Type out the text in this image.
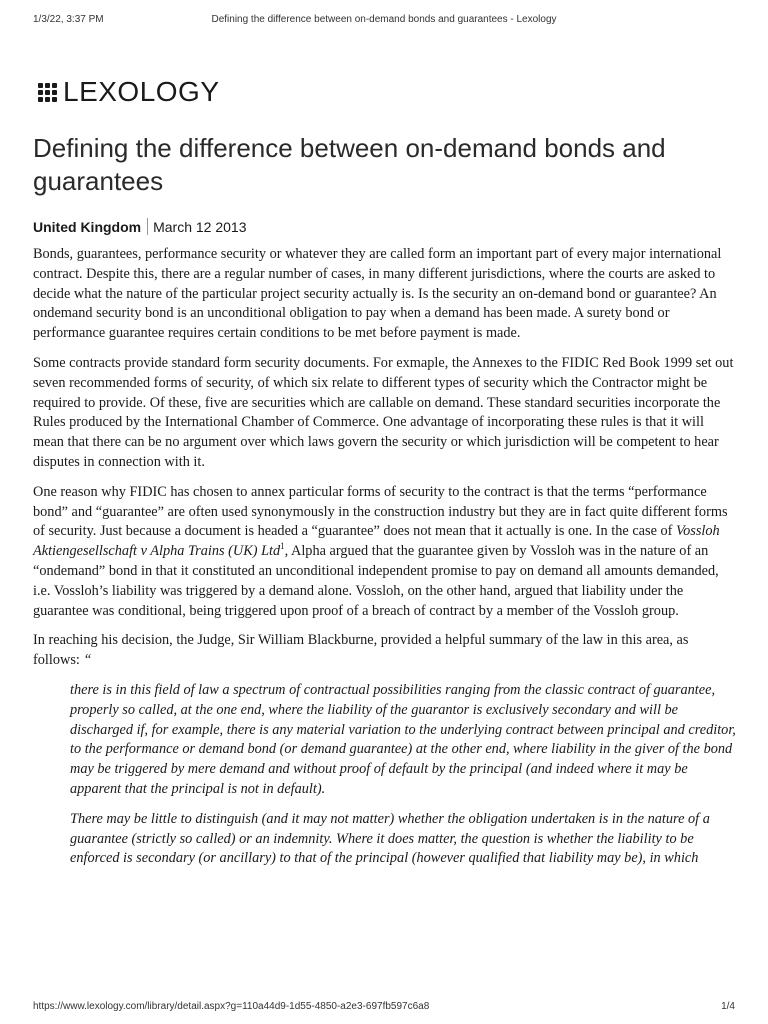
1/3/22, 3:37 PM	Defining the difference between on-demand bonds and guarantees - Lexology
LEXOLOGY
Defining the difference between on-demand bonds and guarantees
United Kingdom March 12 2013

Bonds, guarantees, performance security or whatever they are called form an important part of every major international contract. Despite this, there are a regular number of cases, in many different jurisdictions, where the courts are asked to decide what the nature of the particular project security actually is. Is the security an on-demand bond or guarantee? An ondemand security bond is an unconditional obligation to pay when a demand has been made. A surety bond or performance guarantee requires certain conditions to be met before payment is made.

Some contracts provide standard form security documents. For exmaple, the Annexes to the FIDIC Red Book 1999 set out seven recommended forms of security, of which six relate to different types of security which the Contractor might be required to provide. Of these, five are securities which are callable on demand. These standard securities incorporate the Rules produced by the International Chamber of Commerce. One advantage of incorporating these rules is that it will mean that there can be no argument over which laws govern the security or which jurisdiction will be competent to hear disputes in connection with it.

One reason why FIDIC has chosen to annex particular forms of security to the contract is that the terms “performance bond” and “guarantee” are often used synonymously in the construction industry but they are in fact quite different forms of security. Just because a document is headed a “guarantee” does not mean that it actually is one. In the case of Vossloh Aktiengesellschaft v Alpha Trains (UK) Ltd$^1$, Alpha argued that the guarantee given by Vossloh was in the nature of an “ondemand” bond in that it constituted an unconditional independent promise to pay on demand all amounts demanded, i.e. Vossloh’s liability was triggered by a demand alone. Vossloh, on the other hand, argued that liability under the guarantee was conditional, being triggered upon proof of a breach of contract by a member of the Vossloh group.

In reaching his decision, the Judge, Sir William Blackburne, provided a helpful summary of the law in this area, as follows: “

there is in this field of law a spectrum of contractual possibilities ranging from the classic contract of guarantee, properly so called, at the one end, where the liability of the guarantor is exclusively secondary and will be discharged if, for example, there is any material variation to the underlying contract between principal and creditor, to the performance or demand bond (or demand guarantee) at the other end, where liability in the giver of the bond may be triggered by mere demand and without proof of default by the principal (and indeed where it may be apparent that the principal is not in default).

There may be little to distinguish (and it may not matter) whether the obligation undertaken is in the nature of a guarantee (strictly so called) or an indemnity. Where it does matter, the question is whether the liability to be enforced is secondary (or ancillary) to that of the principal (however qualified that liability may be), in which

https://www.lexology.com/library/detail.aspx?g=110a44d9-1d55-4850-a2e3-697fb597c6a8	1/4
